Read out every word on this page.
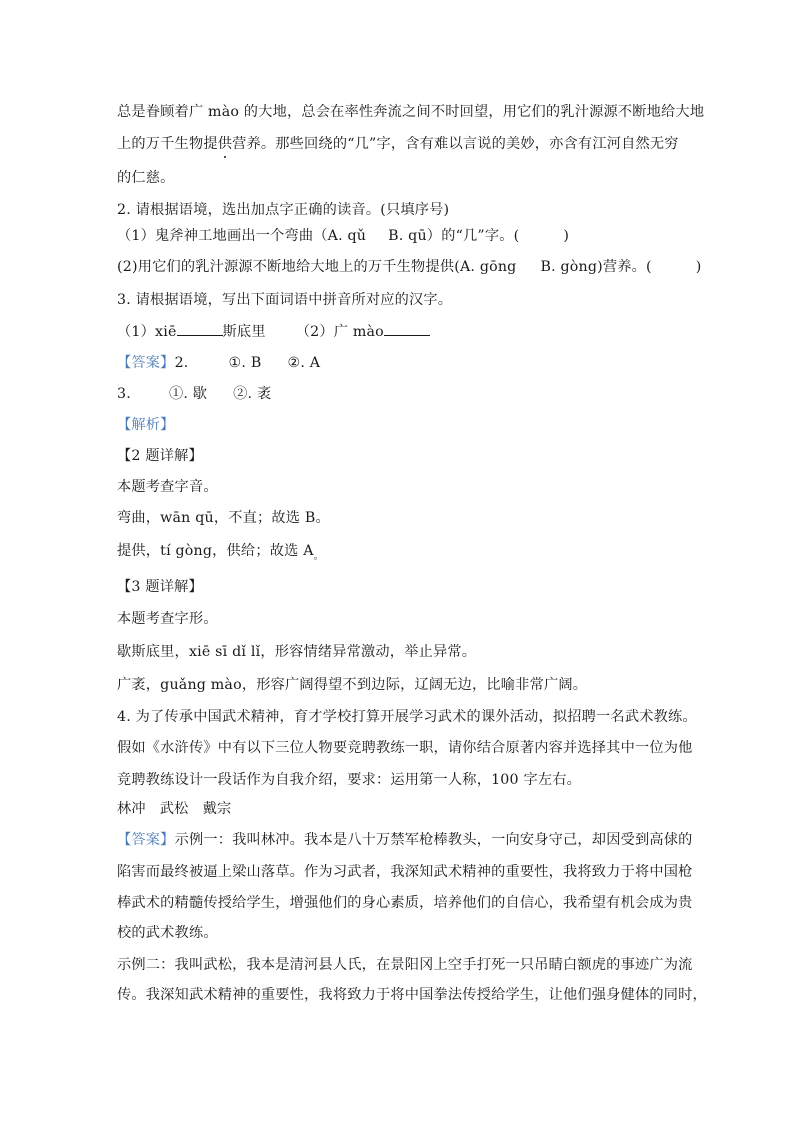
总是眷顾着广 mào 的大地，总会在率性奔流之间不时回望，用它们的乳汁源源不断地给大地
上的万千生物提供营养。那些回绕的“几”字，含有难以言说的美妙，亦含有江河自然无穷
的仁慈。
2. 请根据语境，选出加点字正确的读音。(只填序号)
（1）鬼斧神工地画出一个弯曲（A. qǔ B. qū）的“几”字。(	)
(2)用它们的乳汁源源不断地给大地上的万千生物提供(A. gōng B. gòng)营养。(	)
3. 请根据语境，写出下面词语中拼音所对应的汉字。
（1）xiē	斯底里 （2）广 mào
【答案】2.	①. B ②. A
3.	①. 歇 ②. 袤
【解析】
【2 题详解】
本题考查字音。
弯曲，wān qū，不直；故选 B。
提供，tí gòng，供给；故选 $A_。$
【3 题详解】
本题考查字形。
歇斯底里，xiē sī dǐ lǐ，形容情绪异常激动，举止异常。
广袤，guǎng mào，形容广阔得望不到边际，辽阔无边，比喻非常广阔。
4. 为了传承中国武术精神，育才学校打算开展学习武术的课外活动，拟招聘一名武术教练。
假如《水浒传》中有以下三位人物要竞聘教练一职，请你结合原著内容并选择其中一位为他
竞聘教练设计一段话作为自我介绍，要求：运用第一人称，100 字左右。
林冲 武松 戴宗
【答案】示例一：我叫林冲。我本是八十万禁军枪棒教头，一向安身守己，却因受到高俅的
陷害而最终被逼上梁山落草。作为习武者，我深知武术精神的重要性，我将致力于将中国枪
棒武术的精髓传授给学生，增强他们的身心素质，培养他们的自信心，我希望有机会成为贵
校的武术教练。
示例二：我叫武松，我本是清河县人氏，在景阳冈上空手打死一只吊睛白额虎的事迹广为流
传。我深知武术精神的重要性，我将致力于将中国拳法传授给学生，让他们强身健体的同时，
